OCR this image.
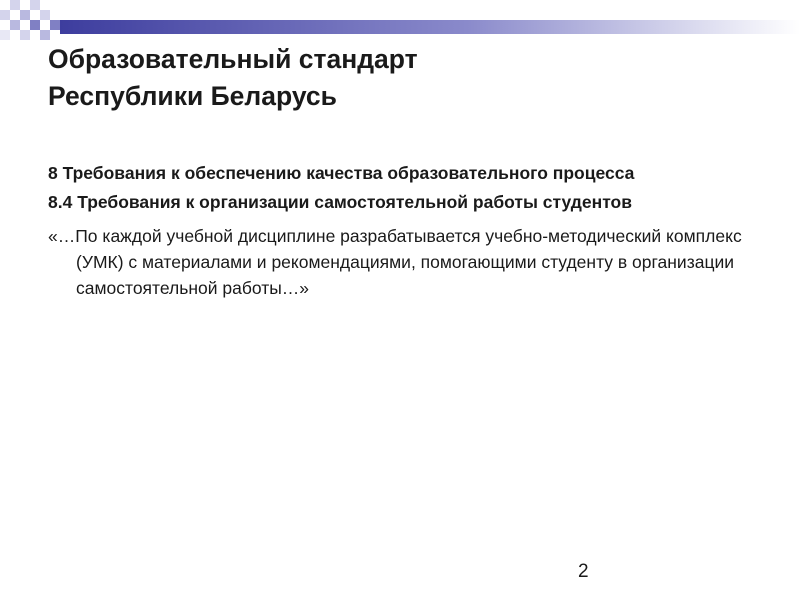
Образовательный стандарт
Республики Беларусь

8 Требования к обеспечению качества образовательного процесса

8.4 Требования к организации самостоятельной работы студентов

«…По каждой учебной дисциплине разрабатывается учебно-методический комплекс (УМК) с материалами и рекомендациями, помогающими студенту в организации самостоятельной работы…»

2
